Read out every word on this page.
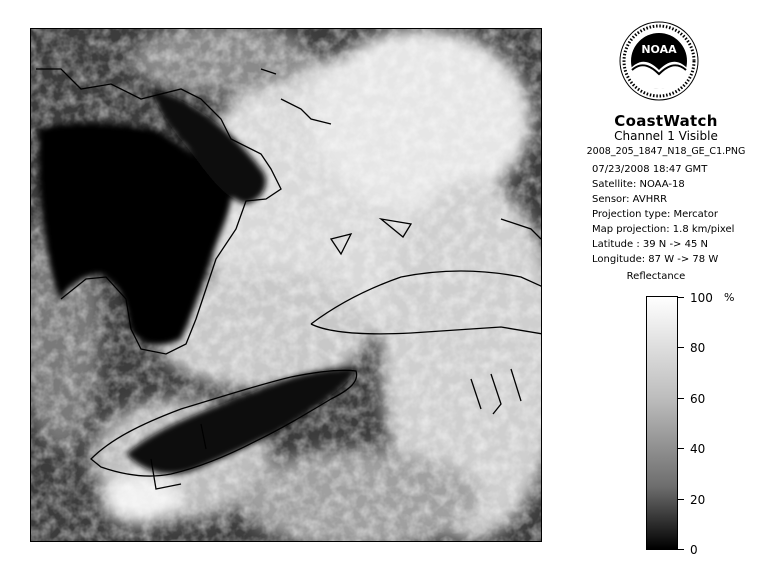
NOAA
CoastWatch
Channel 1 Visible
2008_205_1847_N18_GE_C1.PNG
07/23/2008 18:47 GMT
Satellite: NOAA-18
Sensor: AVHRR
Projection type: Mercator
Map projection: 1.8 km/pixel
Latitude : 39 N -> 45 N
Longitude: 87 W -> 78 W
Reflectance
%
100
80
60
40
20
0
